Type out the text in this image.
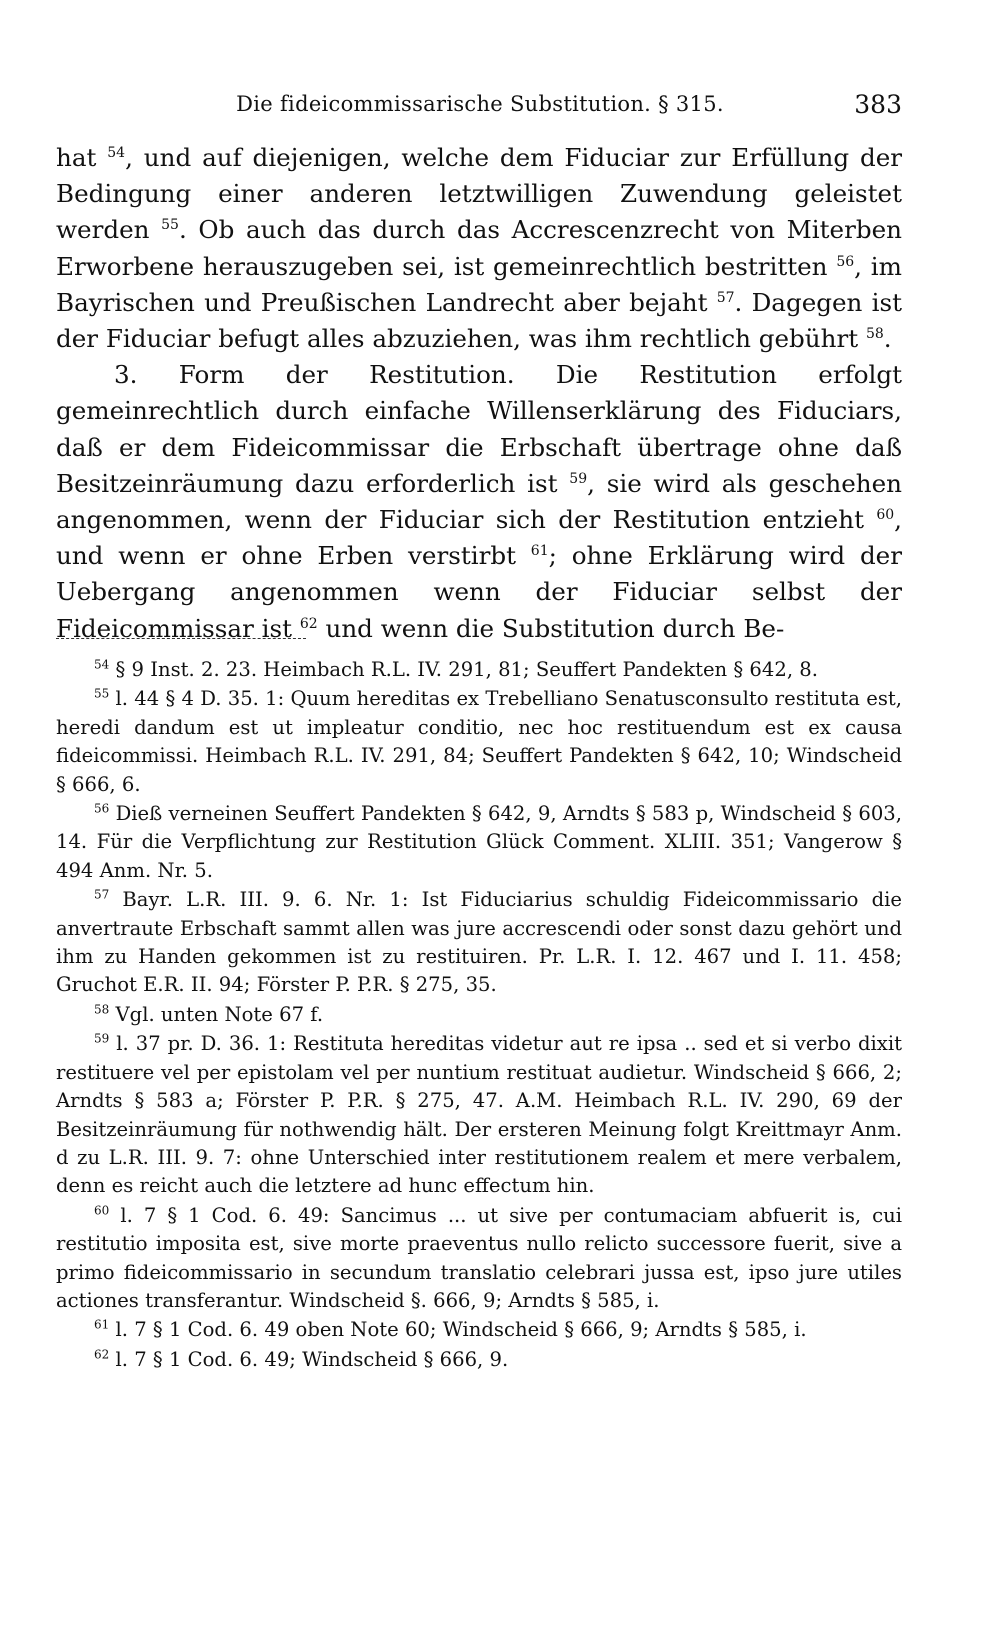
Die fideicommissarische Substitution. § 315.	383

hat $^{54}$, und auf diejenigen, welche dem Fiduciar zur Erfüllung der Bedingung einer anderen letztwilligen Zuwendung geleistet werden $^{55}$. Ob auch das durch das Accrescenzrecht von Miterben Erworbene herauszugeben sei, ist gemeinrechtlich bestritten $^{56}$, im Bayrischen und Preußischen Landrecht aber bejaht $^{57}$. Dagegen ist der Fiduciar befugt alles abzuziehen, was ihm rechtlich gebührt $^{58}$.

3. Form der Restitution. Die Restitution erfolgt gemeinrechtlich durch einfache Willenserklärung des Fiduciars, daß er dem Fideicommissar die Erbschaft übertrage ohne daß Besitzeinräumung dazu erforderlich ist $^{59}$, sie wird als geschehen angenommen, wenn der Fiduciar sich der Restitution entzieht $^{60}$, und wenn er ohne Erben verstirbt $^{61}$; ohne Erklärung wird der Uebergang angenommen wenn der Fiduciar selbst der Fideicommissar ist $^{62}$ und wenn die Substitution durch Be-

$^{54}$ § 9 Inst. 2. 23. Heimbach R.L. IV. 291, 81; Seuffert Pandekten § 642, 8.

$^{55}$ l. 44 § 4 D. 35. 1: Quum hereditas ex Trebelliano Senatusconsulto restituta est, heredi dandum est ut impleatur conditio, nec hoc restituendum est ex causa fideicommissi. Heimbach R.L. IV. 291, 84; Seuffert Pandekten § 642, 10; Windscheid § 666, 6.

$^{56}$ Dieß verneinen Seuffert Pandekten § 642, 9, Arndts § 583 p, Windscheid § 603, 14. Für die Verpflichtung zur Restitution Glück Comment. XLIII. 351; Vangerow § 494 Anm. Nr. 5.

$^{57}$ Bayr. L.R. III. 9. 6. Nr. 1: Ist Fiduciarius schuldig Fideicommissario die anvertraute Erbschaft sammt allen was jure accrescendi oder sonst dazu gehört und ihm zu Handen gekommen ist zu restituiren. Pr. L.R. I. 12. 467 und I. 11. 458; Gruchot E.R. II. 94; Förster P. P.R. § 275, 35.

$^{58}$ Vgl. unten Note 67 f.

$^{59}$ l. 37 pr. D. 36. 1: Restituta hereditas videtur aut re ipsa .. sed et si verbo dixit restituere vel per epistolam vel per nuntium restituat audietur. Windscheid § 666, 2; Arndts § 583 a; Förster P. P.R. § 275, 47. A.M. Heimbach R.L. IV. 290, 69 der Besitzeinräumung für nothwendig hält. Der ersteren Meinung folgt Kreittmayr Anm. d zu L.R. III. 9. 7: ohne Unterschied inter restitutionem realem et mere verbalem, denn es reicht auch die letztere ad hunc effectum hin.

$^{60}$ l. 7 § 1 Cod. 6. 49: Sancimus ... ut sive per contumaciam abfuerit is, cui restitutio imposita est, sive morte praeventus nullo relicto successore fuerit, sive a primo fideicommissario in secundum translatio celebrari jussa est, ipso jure utiles actiones transferantur. Windscheid §. 666, 9; Arndts § 585, i.

$^{61}$ l. 7 § 1 Cod. 6. 49 oben Note 60; Windscheid § 666, 9; Arndts § 585, i.

$^{62}$ l. 7 § 1 Cod. 6. 49; Windscheid § 666, 9.
